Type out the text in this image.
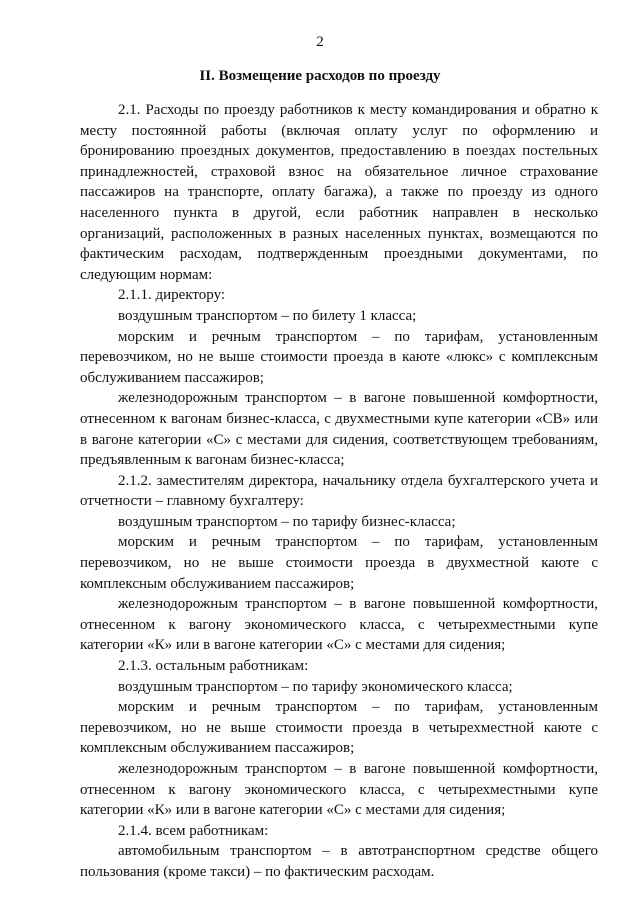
2
II. Возмещение расходов по проезду

2.1. Расходы по проезду работников к месту командирования и обратно к месту постоянной работы (включая оплату услуг по оформлению и бронированию проездных документов, предоставлению в поездах постельных принадлежностей, страховой взнос на обязательное личное страхование пассажиров на транспорте, оплату багажа), а также по проезду из одного населенного пункта в другой, если работник направлен в несколько организаций, расположенных в разных населенных пунктах, возмещаются по фактическим расходам, подтвержденным проездными документами, по следующим нормам:

2.1.1. директору:

воздушным транспортом – по билету 1 класса;

морским и речным транспортом – по тарифам, установленным перевозчиком, но не выше стоимости проезда в каюте «люкс» с комплексным обслуживанием пассажиров;

железнодорожным транспортом – в вагоне повышенной комфортности, отнесенном к вагонам бизнес-класса, с двухместными купе категории «СВ» или в вагоне категории «С» с местами для сидения, соответствующем требованиям, предъявленным к вагонам бизнес-класса;

2.1.2. заместителям директора, начальнику отдела бухгалтерского учета и отчетности – главному бухгалтеру:

воздушным транспортом – по тарифу бизнес-класса;

морским и речным транспортом – по тарифам, установленным перевозчиком, но не выше стоимости проезда в двухместной каюте с комплексным обслуживанием пассажиров;

железнодорожным транспортом – в вагоне повышенной комфортности, отнесенном к вагону экономического класса, с четырехместными купе категории «К» или в вагоне категории «С» с местами для сидения;

2.1.3. остальным работникам:

воздушным транспортом – по тарифу экономического класса;

морским и речным транспортом – по тарифам, установленным перевозчиком, но не выше стоимости проезда в четырехместной каюте с комплексным обслуживанием пассажиров;

железнодорожным транспортом – в вагоне повышенной комфортности, отнесенном к вагону экономического класса, с четырехместными купе категории «К» или в вагоне категории «С» с местами для сидения;

2.1.4. всем работникам:

автомобильным транспортом – в автотранспортном средстве общего пользования (кроме такси) – по фактическим расходам.
